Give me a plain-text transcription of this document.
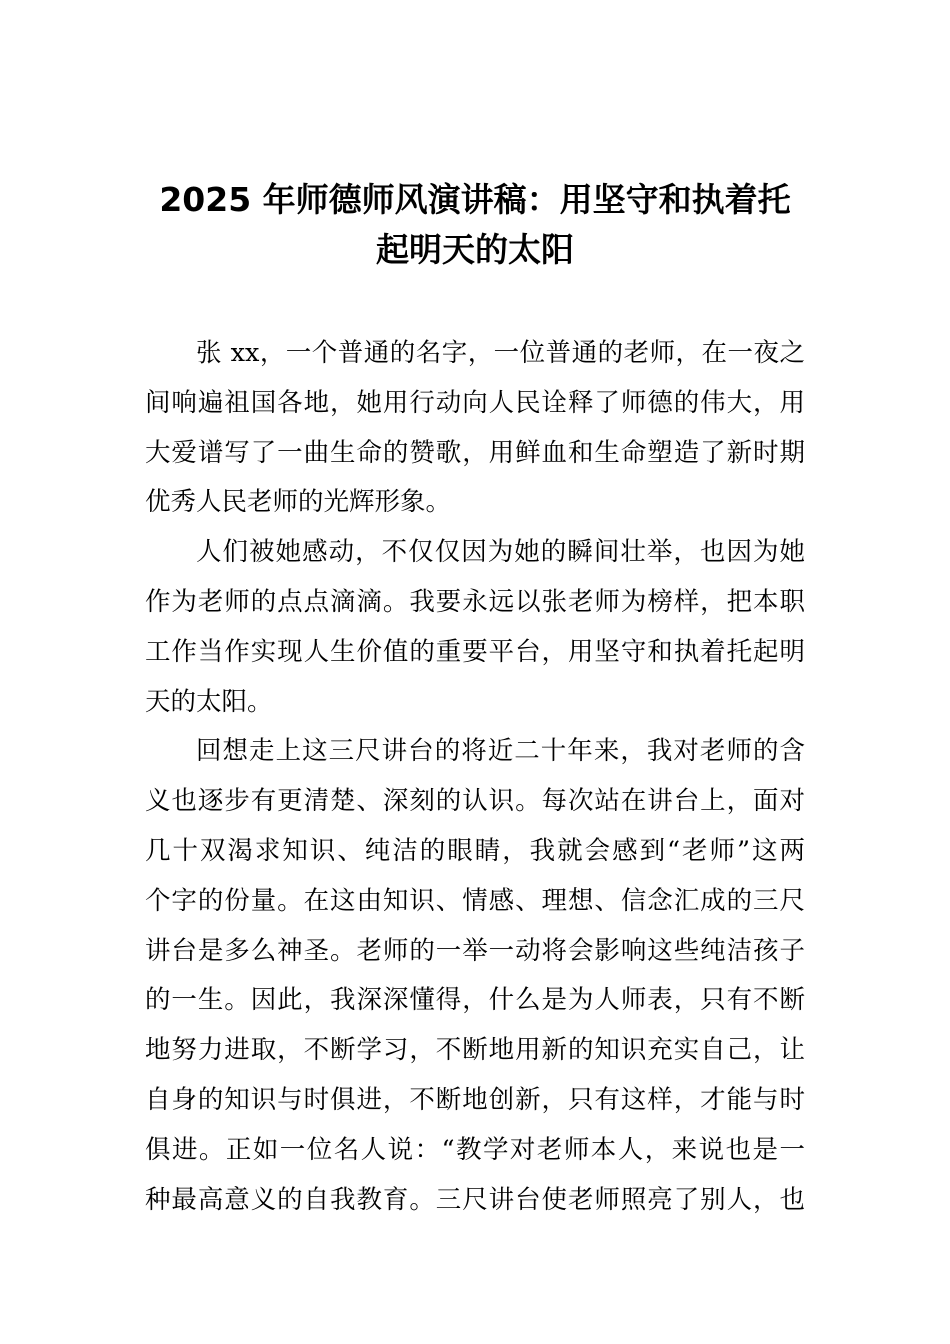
2025 年师德师风演讲稿：用坚守和执着托
起明天的太阳
张 xx，一个普通的名字，一位普通的老师，在一夜之
间响遍祖国各地，她用行动向人民诠释了师德的伟大，用
大爱谱写了一曲生命的赞歌，用鲜血和生命塑造了新时期
优秀人民老师的光辉形象。
人们被她感动，不仅仅因为她的瞬间壮举，也因为她
作为老师的点点滴滴。我要永远以张老师为榜样，把本职
工作当作实现人生价值的重要平台，用坚守和执着托起明
天的太阳。
回想走上这三尺讲台的将近二十年来，我对老师的含
义也逐步有更清楚、深刻的认识。每次站在讲台上，面对
几十双渴求知识、纯洁的眼睛，我就会感到“老师”这两
个字的份量。在这由知识、情感、理想、信念汇成的三尺
讲台是多么神圣。老师的一举一动将会影响这些纯洁孩子
的一生。因此，我深深懂得，什么是为人师表，只有不断
地努力进取，不断学习，不断地用新的知识充实自己，让
自身的知识与时俱进，不断地创新，只有这样，才能与时
俱进。正如一位名人说：“教学对老师本人，来说也是一
种最高意义的自我教育。三尺讲台使老师照亮了别人，也
